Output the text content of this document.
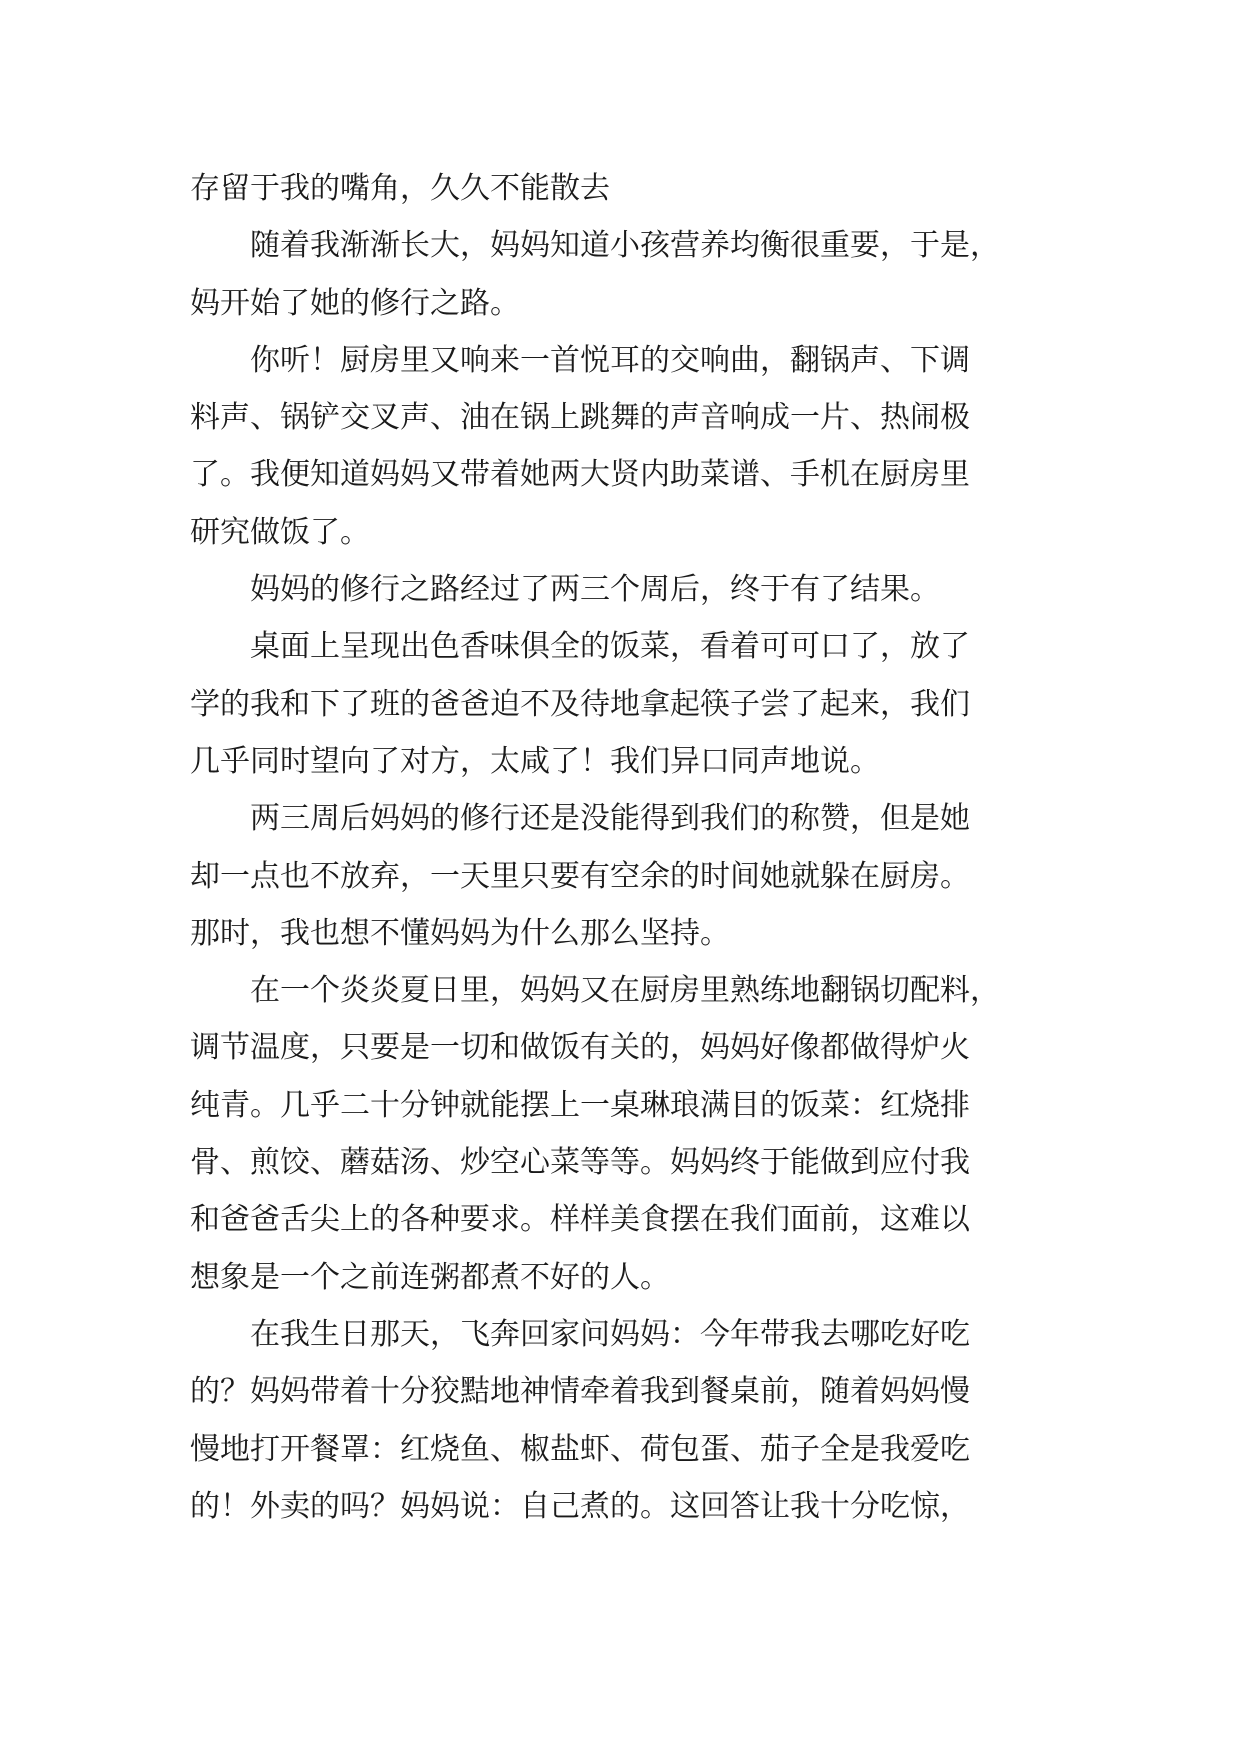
存留于我的嘴角，久久不能散去

　　随着我渐渐长大，妈妈知道小孩营养均衡很重要，于是，
妈开始了她的修行之路。

　　你听！厨房里又响来一首悦耳的交响曲，翻锅声、下调
料声、锅铲交叉声、油在锅上跳舞的声音响成一片、热闹极
了。我便知道妈妈又带着她两大贤内助菜谱、手机在厨房里
研究做饭了。

　　妈妈的修行之路经过了两三个周后，终于有了结果。

　　桌面上呈现出色香味俱全的饭菜，看着可可口了，放了
学的我和下了班的爸爸迫不及待地拿起筷子尝了起来，我们
几乎同时望向了对方，太咸了！我们异口同声地说。

　　两三周后妈妈的修行还是没能得到我们的称赞，但是她
却一点也不放弃，一天里只要有空余的时间她就躲在厨房。
那时，我也想不懂妈妈为什么那么坚持。

　　在一个炎炎夏日里，妈妈又在厨房里熟练地翻锅切配料，
调节温度，只要是一切和做饭有关的，妈妈好像都做得炉火
纯青。几乎二十分钟就能摆上一桌琳琅满目的饭菜：红烧排
骨、煎饺、蘑菇汤、炒空心菜等等。妈妈终于能做到应付我
和爸爸舌尖上的各种要求。样样美食摆在我们面前，这难以
想象是一个之前连粥都煮不好的人。

　　在我生日那天，飞奔回家问妈妈：今年带我去哪吃好吃
的？妈妈带着十分狡黠地神情牵着我到餐桌前，随着妈妈慢
慢地打开餐罩：红烧鱼、椒盐虾、荷包蛋、茄子全是我爱吃
的！外卖的吗？妈妈说：自己煮的。这回答让我十分吃惊，
